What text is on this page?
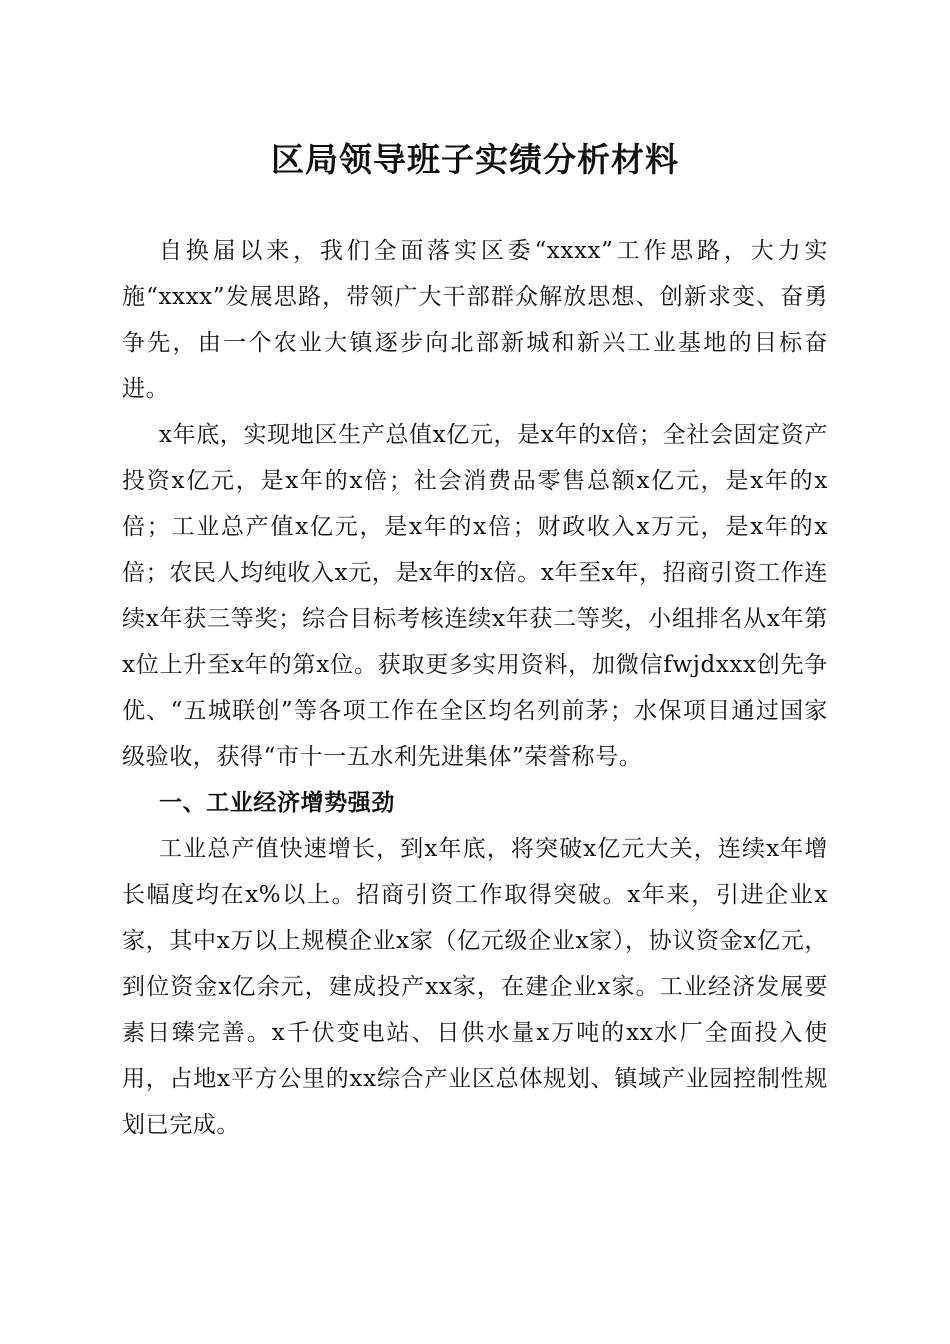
区局领导班子实绩分析材料

自换届以来，我们全面落实区委“xxxx”工作思路，大力实施“xxxx”发展思路，带领广大干部群众解放思想、创新求变、奋勇争先，由一个农业大镇逐步向北部新城和新兴工业基地的目标奋进。

x年底，实现地区生产总值x亿元，是x年的x倍；全社会固定资产投资x亿元，是x年的x倍；社会消费品零售总额x亿元，是x年的x倍；工业总产值x亿元，是x年的x倍；财政收入x万元，是x年的x倍；农民人均纯收入x元，是x年的x倍。x年至x年，招商引资工作连续x年获三等奖；综合目标考核连续x年获二等奖，小组排名从x年第x位上升至x年的第x位。获取更多实用资料，加微信fwjdxxx创先争优、“五城联创”等各项工作在全区均名列前茅；水保项目通过国家级验收，获得“市十一五水利先进集体”荣誉称号。

一、工业经济增势强劲

工业总产值快速增长，到x年底，将突破x亿元大关，连续x年增长幅度均在x%以上。招商引资工作取得突破。x年来，引进企业x家，其中x万以上规模企业x家（亿元级企业x家），协议资金x亿元，到位资金x亿余元，建成投产xx家，在建企业x家。工业经济发展要素日臻完善。x千伏变电站、日供水量x万吨的xx水厂全面投入使用，占地x平方公里的xx综合产业区总体规划、镇域产业园控制性规划已完成。
